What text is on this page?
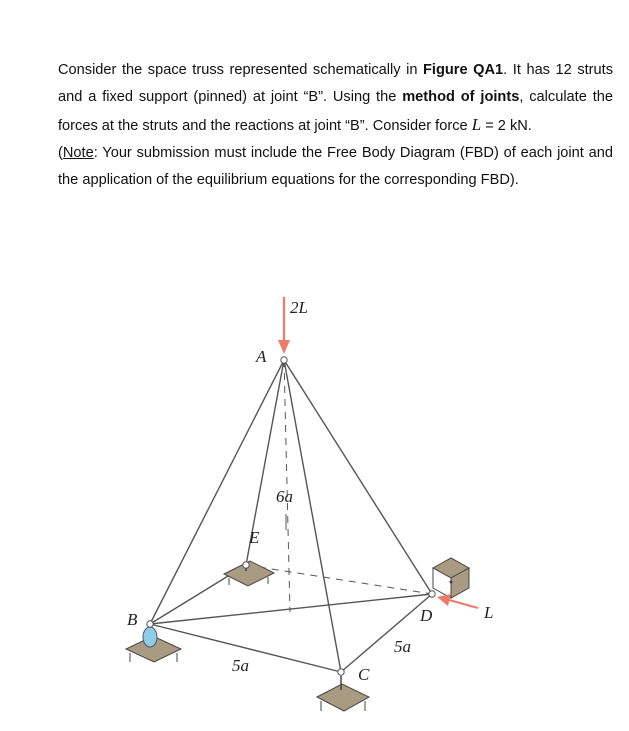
Consider the space truss represented schematically in Figure QA1. It has 12 struts and a fixed support (pinned) at joint “B”. Using the method of joints, calculate the forces at the struts and the reactions at joint “B”. Consider force L = 2 kN.

(Note: Your submission must include the Free Body Diagram (FBD) of each joint and the application of the equilibrium equations for the corresponding FBD).

2L
A
6a
E
B	D	L
5a
5a	C
